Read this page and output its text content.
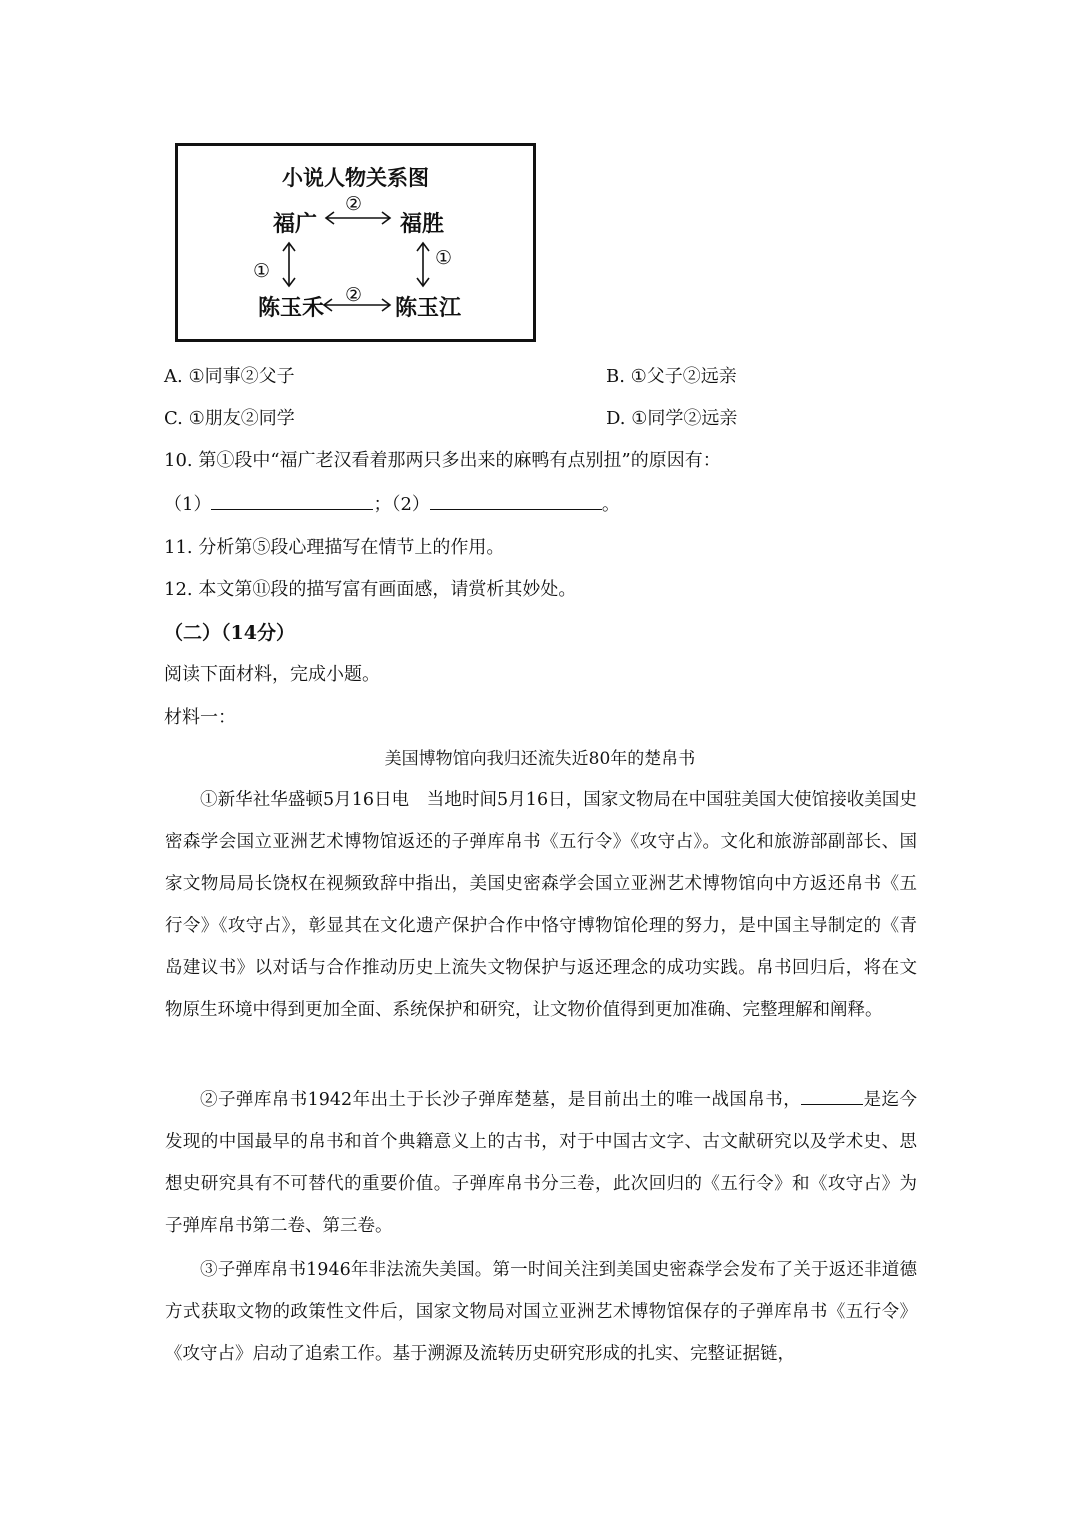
小说人物关系图
福广	福胜
陈玉禾	陈玉江
②
②
①
①
A. ①同事②父子	B. ①父子②远亲
C. ①朋友②同学	D. ①同学②远亲
10. 第①段中“福广老汉看着那两只多出来的麻鸭有点别扭”的原因有：
（1）	；（2）	。
11. 分析第⑤段心理描写在情节上的作用。
12. 本文第⑪段的描写富有画面感，请赏析其妙处。
（二）（14分）
阅读下面材料，完成小题。
材料一：
美国博物馆向我归还流失近80年的楚帛书
①新华社华盛顿5月16日电　当地时间5月16日，国家文物局在中国驻美国大使馆接收美国史密森学会国立亚洲艺术博物馆返还的子弹库帛书《五行令》《攻守占》。文化和旅游部副部长、国家文物局局长饶权在视频致辞中指出，美国史密森学会国立亚洲艺术博物馆向中方返还帛书《五行令》《攻守占》，彰显其在文化遗产保护合作中恪守博物馆伦理的努力，是中国主导制定的《青岛建议书》以对话与合作推动历史上流失文物保护与返还理念的成功实践。帛书回归后，将在文物原生环境中得到更加全面、系统保护和研究，让文物价值得到更加准确、完整理解和阐释。
②子弹库帛书1942年出土于长沙子弹库楚墓，是目前出土的唯一战国帛书，	是迄今发现的中国最早的帛书和首个典籍意义上的古书，对于中国古文字、古文献研究以及学术史、思想史研究具有不可替代的重要价值。子弹库帛书分三卷，此次回归的《五行令》和《攻守占》为子弹库帛书第二卷、第三卷。
③子弹库帛书1946年非法流失美国。第一时间关注到美国史密森学会发布了关于返还非道德方式获取文物的政策性文件后，国家文物局对国立亚洲艺术博物馆保存的子弹库帛书《五行令》《攻守占》启动了追索工作。基于溯源及流转历史研究形成的扎实、完整证据链，
